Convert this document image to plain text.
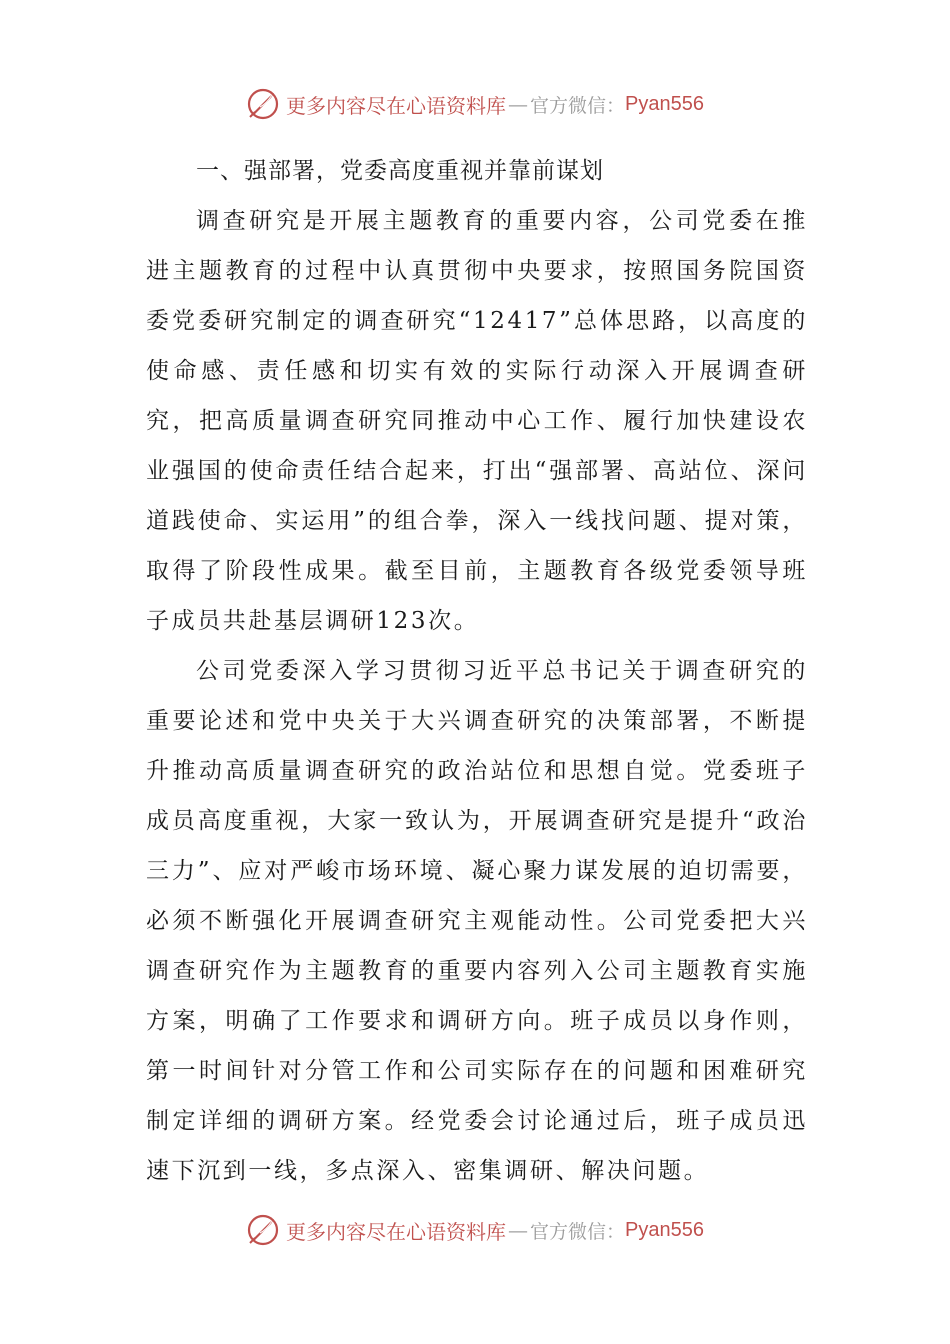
更多内容尽在心语资料库 — 官方微信： Pyan556
一、强部署，党委高度重视并靠前谋划

调查研究是开展主题教育的重要内容，公司党委在推进主题教育的过程中认真贯彻中央要求，按照国务院国资委党委研究制定的调查研究“12417”总体思路，以高度的使命感、责任感和切实有效的实际行动深入开展调查研究，把高质量调查研究同推动中心工作、履行加快建设农业强国的使命责任结合起来，打出“强部署、高站位、深问道践使命、实运用”的组合拳，深入一线找问题、提对策，取得了阶段性成果。截至目前，主题教育各级党委领导班子成员共赴基层调研123次。

公司党委深入学习贯彻习近平总书记关于调查研究的重要论述和党中央关于大兴调查研究的决策部署，不断提升推动高质量调查研究的政治站位和思想自觉。党委班子成员高度重视，大家一致认为，开展调查研究是提升“政治三力”、应对严峻市场环境、凝心聚力谋发展的迫切需要，必须不断强化开展调查研究主观能动性。公司党委把大兴调查研究作为主题教育的重要内容列入公司主题教育实施方案，明确了工作要求和调研方向。班子成员以身作则，第一时间针对分管工作和公司实际存在的问题和困难研究制定详细的调研方案。经党委会讨论通过后，班子成员迅速下沉到一线，多点深入、密集调研、解决问题。

更多内容尽在心语资料库 — 官方微信： Pyan556
